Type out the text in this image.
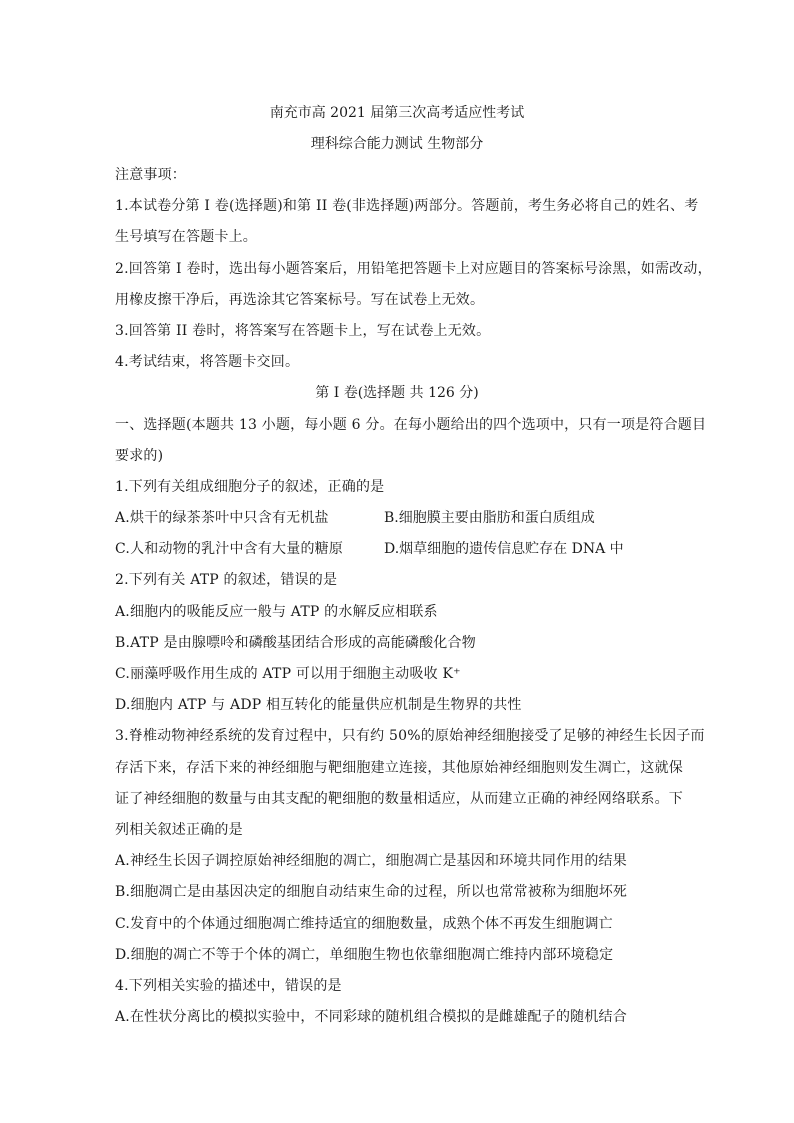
南充市高 2021 届第三次高考适应性考试
理科综合能力测试 生物部分
注意事项：
1.本试卷分第 I 卷(选择题)和第 II 卷(非选择题)两部分。答题前，考生务必将自己的姓名、考
生号填写在答题卡上。
2.回答第 I 卷时，选出每小题答案后，用铅笔把答题卡上对应题目的答案标号涂黑，如需改动，
用橡皮擦干净后，再选涂其它答案标号。写在试卷上无效。
3.回答第 II 卷时，将答案写在答题卡上，写在试卷上无效。
4.考试结束，将答题卡交回。
第 I 卷(选择题 共 126 分)
一、选择题(本题共 13 小题，每小题 6 分。在每小题给出的四个选项中，只有一项是符合题目
要求的)
1.下列有关组成细胞分子的叙述，正确的是
A.烘干的绿茶茶叶中只含有无机盐	B.细胞膜主要由脂肪和蛋白质组成
C.人和动物的乳汁中含有大量的糖原	D.烟草细胞的遗传信息贮存在 DNA 中
2.下列有关 ATP 的叙述，错误的是
A.细胞内的吸能反应一般与 ATP 的水解反应相联系
B.ATP 是由腺嘌呤和磷酸基团结合形成的高能磷酸化合物
C.丽藻呼吸作用生成的 ATP 可以用于细胞主动吸收 K⁺
D.细胞内 ATP 与 ADP 相互转化的能量供应机制是生物界的共性
3.脊椎动物神经系统的发育过程中，只有约 50%的原始神经细胞接受了足够的神经生长因子而
存活下来，存活下来的神经细胞与靶细胞建立连接，其他原始神经细胞则发生凋亡，这就保
证了神经细胞的数量与由其支配的靶细胞的数量相适应，从而建立正确的神经网络联系。下
列相关叙述正确的是
A.神经生长因子调控原始神经细胞的凋亡，细胞凋亡是基因和环境共同作用的结果
B.细胞凋亡是由基因决定的细胞自动结束生命的过程，所以也常常被称为细胞坏死
C.发育中的个体通过细胞凋亡维持适宜的细胞数量，成熟个体不再发生细胞调亡
D.细胞的凋亡不等于个体的凋亡，单细胞生物也依靠细胞凋亡维持内部环境稳定
4.下列相关实验的描述中，错误的是
A.在性状分离比的模拟实验中，不同彩球的随机组合模拟的是雌雄配子的随机结合
